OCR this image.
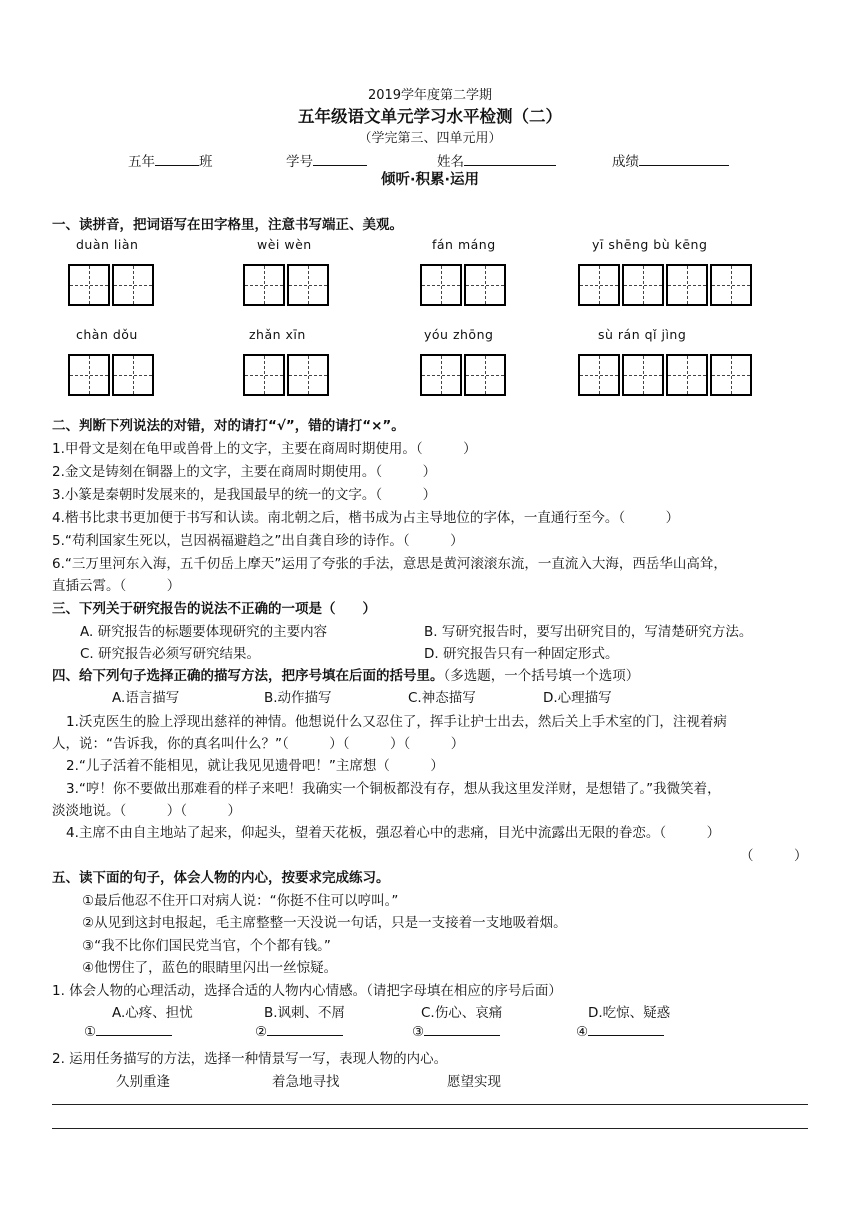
2019学年度第二学期
五年级语文单元学习水平检测（二）
（学完第三、四单元用）
五年	班	学号	姓名	成绩
倾听·积累·运用
一、读拼音，把词语写在田字格里，注意书写端正、美观。
duàn liàn	wèi wèn	fán máng	yī shēng bù kēng
chàn dǒu	zhǎn xīn	yóu zhōng	sù rán qǐ jìng
二、判断下列说法的对错，对的请打“√”，错的请打“×”。
1.甲骨文是刻在龟甲或兽骨上的文字，主要在商周时期使用。（　　　）
2.金文是铸刻在铜器上的文字，主要在商周时期使用。（　　　）
3.小篆是秦朝时发展来的，是我国最早的统一的文字。（　　　）
4.楷书比隶书更加便于书写和认读。南北朝之后，楷书成为占主导地位的字体，一直通行至今。（　　　）
5.“苟利国家生死以，岂因祸福避趋之”出自龚自珍的诗作。（　　　）
6.“三万里河东入海，五千仞岳上摩天”运用了夸张的手法，意思是黄河滚滚东流，一直流入大海，西岳华山高耸，
直插云霄。（　　　）
三、下列关于研究报告的说法不正确的一项是（　　）
A. 研究报告的标题要体现研究的主要内容	B. 写研究报告时，要写出研究目的，写清楚研究方法。
C. 研究报告必须写研究结果。	D. 研究报告只有一种固定形式。
四、给下列句子选择正确的描写方法，把序号填在后面的括号里。（多选题，一个括号填一个选项）
A.语言描写	B.动作描写	C.神态描写	D.心理描写
1.沃克医生的脸上浮现出慈祥的神情。他想说什么又忍住了，挥手让护士出去，然后关上手术室的门，注视着病
人，说：“告诉我，你的真名叫什么？”（　　　）（　　　）（　　　）
2.“儿子活着不能相见，就让我见见遗骨吧！”主席想（　　　）
3.“哼！你不要做出那难看的样子来吧！我确实一个铜板都没有存，想从我这里发洋财，是想错了。”我微笑着，
淡淡地说。（　　　）（　　　）
4.主席不由自主地站了起来，仰起头，望着天花板，强忍着心中的悲痛，目光中流露出无限的眷恋。（　　　）
（　　　）
五、读下面的句子，体会人物的内心，按要求完成练习。
①最后他忍不住开口对病人说：“你挺不住可以哼叫。”
②从见到这封电报起，毛主席整整一天没说一句话，只是一支接着一支地吸着烟。
③“我不比你们国民党当官，个个都有钱。”
④他愣住了，蓝色的眼睛里闪出一丝惊疑。
1. 体会人物的心理活动，选择合适的人物内心情感。（请把字母填在相应的序号后面）
A.心疼、担忧	B.讽刺、不屑	C.伤心、哀痛	D.吃惊、疑惑
①	②	③	④
2. 运用任务描写的方法，选择一种情景写一写，表现人物的内心。
久别重逢	着急地寻找	愿望实现
